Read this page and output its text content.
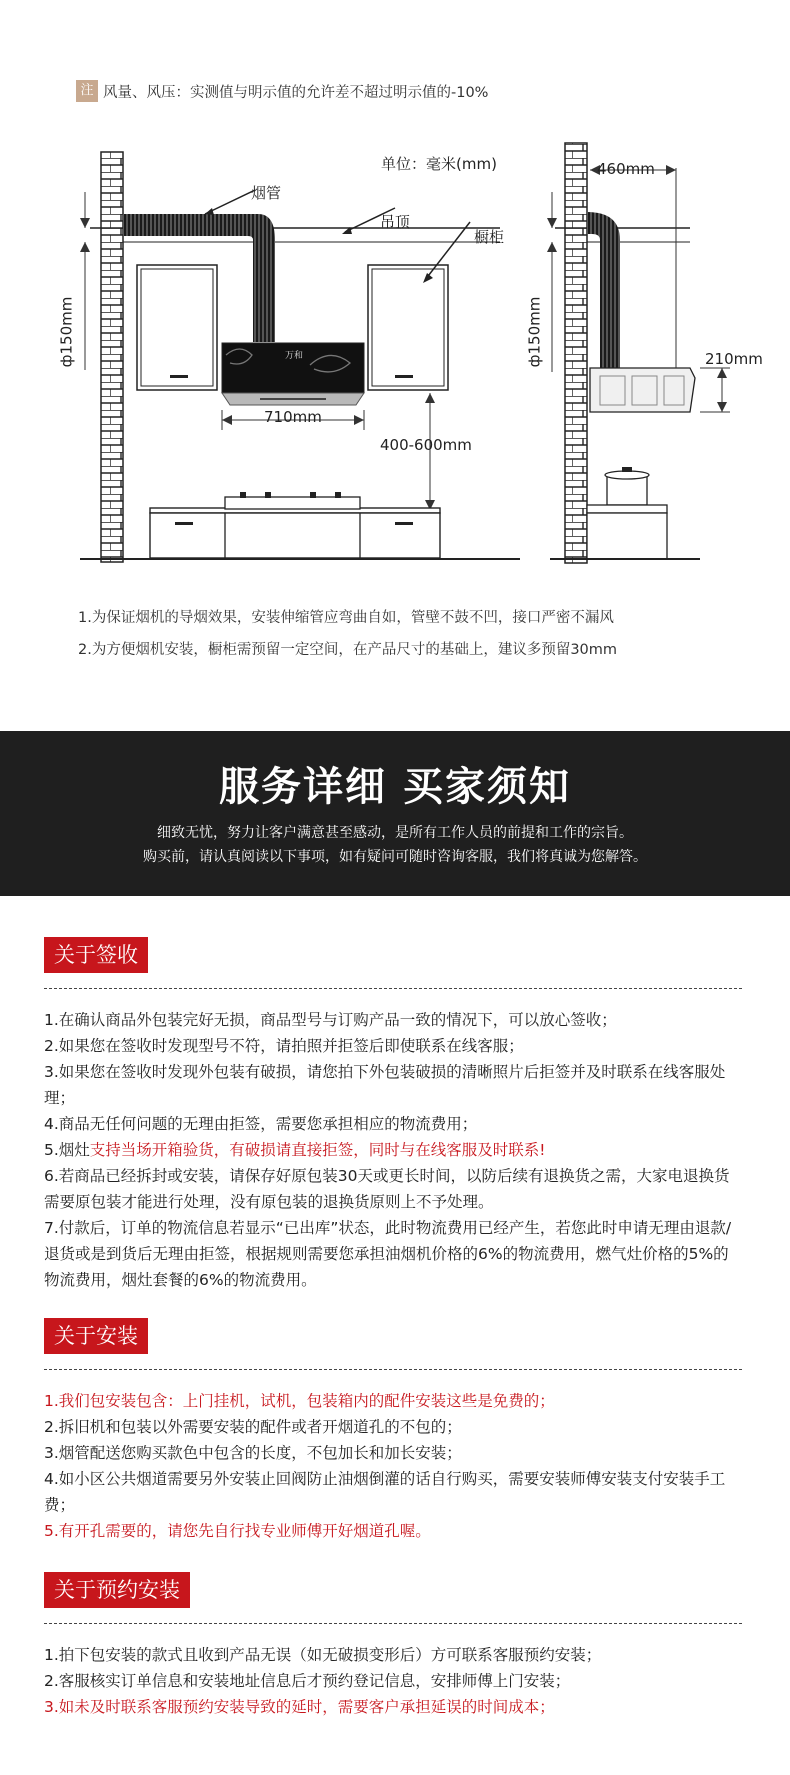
注 风量、风压：实测值与明示值的允许差不超过明示值的-10%
单位：毫米(mm)
烟管
吊顶
橱柜
万和
710mm
400-600mm
ф150mm	ф150mm
460mm
210mm

1.为保证烟机的导烟效果，安装伸缩管应弯曲自如，管壁不鼓不凹，接口严密不漏风

2.为方便烟机安装，橱柜需预留一定空间，在产品尺寸的基础上，建议多预留30mm

服务详细 买家须知
细致无忧，努力让客户满意甚至感动，是所有工作人员的前提和工作的宗旨。
购买前，请认真阅读以下事项，如有疑问可随时咨询客服，我们将真诚为您解答。
关于签收

1.在确认商品外包装完好无损，商品型号与订购产品一致的情况下，可以放心签收；

2.如果您在签收时发现型号不符，请拍照并拒签后即使联系在线客服；

3.如果您在签收时发现外包装有破损，请您拍下外包装破损的清晰照片后拒签并及时联系在线客服处理；

4.商品无任何问题的无理由拒签，需要您承担相应的物流费用；

5.烟灶支持当场开箱验货，有破损请直接拒签，同时与在线客服及时联系!

6.若商品已经拆封或安装，请保存好原包装30天或更长时间，以防后续有退换货之需，大家电退换货需要原包装才能进行处理，没有原包装的退换货原则上不予处理。

7.付款后，订单的物流信息若显示“已出库”状态，此时物流费用已经产生，若您此时申请无理由退款/退货或是到货后无理由拒签，根据规则需要您承担油烟机价格的6%的物流费用，燃气灶价格的5%的物流费用，烟灶套餐的6%的物流费用。

关于安装

1.我们包安装包含：上门挂机，试机，包装箱内的配件安装这些是免费的；

2.拆旧机和包装以外需要安装的配件或者开烟道孔的不包的；

3.烟管配送您购买款色中包含的长度，不包加长和加长安装；

4.如小区公共烟道需要另外安装止回阀防止油烟倒灌的话自行购买，需要安装师傅安装支付安装手工费；

5.有开孔需要的，请您先自行找专业师傅开好烟道孔喔。

关于预约安装

1.拍下包安装的款式且收到产品无误（如无破损变形后）方可联系客服预约安装；

2.客服核实订单信息和安装地址信息后才预约登记信息，安排师傅上门安装；

3.如未及时联系客服预约安装导致的延时，需要客户承担延误的时间成本；
